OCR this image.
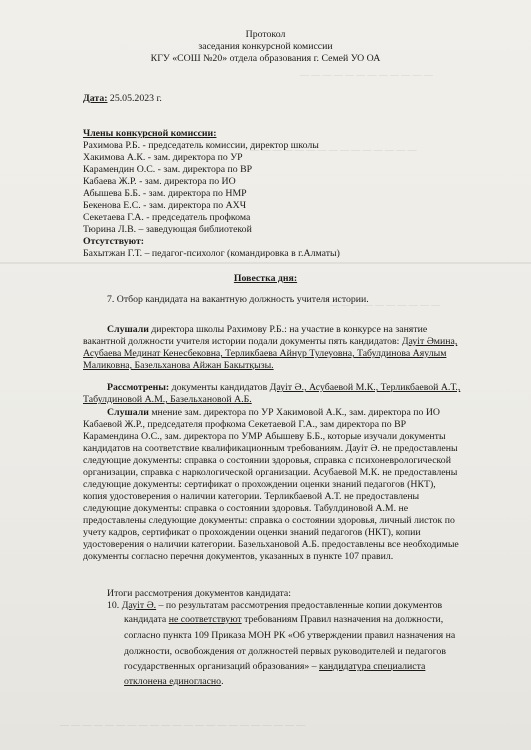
— — — — — — — — — — — —
— — — — — — — — — — — — — — —
— — — — — — — — — —
— — — — — — — — — — — — — — — — — — — — — —
Протокол
заседания конкурсной комиссии
КГУ «СОШ №20» отдела образования г. Семей УО ОА
Дата: 25.05.2023 г.
Члены конкурсной комиссии:
Рахимова Р.Б. - председатель комиссии, директор школы
Хакимова А.К. - зам. директора по УР
Карамендин О.С. - зам. директора по ВР
Кабаева Ж.Р. - зам. директора по ИО
Абышева Б.Б. - зам. директора по НМР
Бекенова Е.С. - зам. директора по АХЧ
Секетаева Г.А. - председатель профкома
Тюрина Л.В. – заведующая библиотекой
Отсутствуют:
Бахытжан Г.Т. – педагог-психолог (командировка в г.Алматы)
Повестка дня:
7. Отбор кандидата на вакантную должность учителя истории.
Слушали директора школы Рахимову Р.Б.: на участие в конкурсе на занятие
вакантной должности учителя истории подали документы пять кандидатов: Дауіт Әмина,
Асубаева Мединат Кенесбековна, Терликбаева Айнур Тулеуовна, Табулдинова Аяулым
Маликовна, Базельханова Айжан Бакытқызы.
Рассмотрены: документы кандидатов Дауіт Ә., Асубаевой М.К., Терликбаевой А.Т.,
Табулдиновой А.М., Базельхановой А.Б.
Слушали мнение зам. директора по УР Хакимовой А.К., зам. директора по ИО
Кабаевой Ж.Р., председателя профкома Секетаевой Г.А., зам директора по ВР
Карамендина О.С., зам. директора по УМР Абышеву Б.Б., которые изучали документы
кандидатов на соответствие квалификационным требованиям. Дауіт Ә. не предоставлены
следующие документы: справка о состоянии здоровья, справка с психоневрологической
организации, справка с наркологической организации. Асубаевой М.К. не предоставлены
следующие документы: сертификат о прохождении оценки знаний педагогов (НКТ),
копия удостоверения о наличии категории. Терликбаевой А.Т. не предоставлены
следующие документы: справка о состоянии здоровья. Табулдиновой А.М. не
предоставлены следующие документы: справка о состоянии здоровья, личный листок по
учету кадров, сертификат о прохождении оценки знаний педагогов (НКТ), копии
удостоверения о наличии категории. Базельхановой А.Б. предоставлены все необходимые
документы согласно перечня документов, указанных в пункте 107 правил.
Итоги рассмотрения документов кандидата:
10. Дауіт Ә. – по результатам рассмотрения предоставленные копии документов
кандидата не соответствуют требованиям Правил назначения на должности,
согласно пункта 109 Приказа МОН РК «Об утверждении правил назначения на
должности, освобождения от должностей первых руководителей и педагогов
государственных организаций образования» – кандидатура специалиста
отклонена единогласно.
